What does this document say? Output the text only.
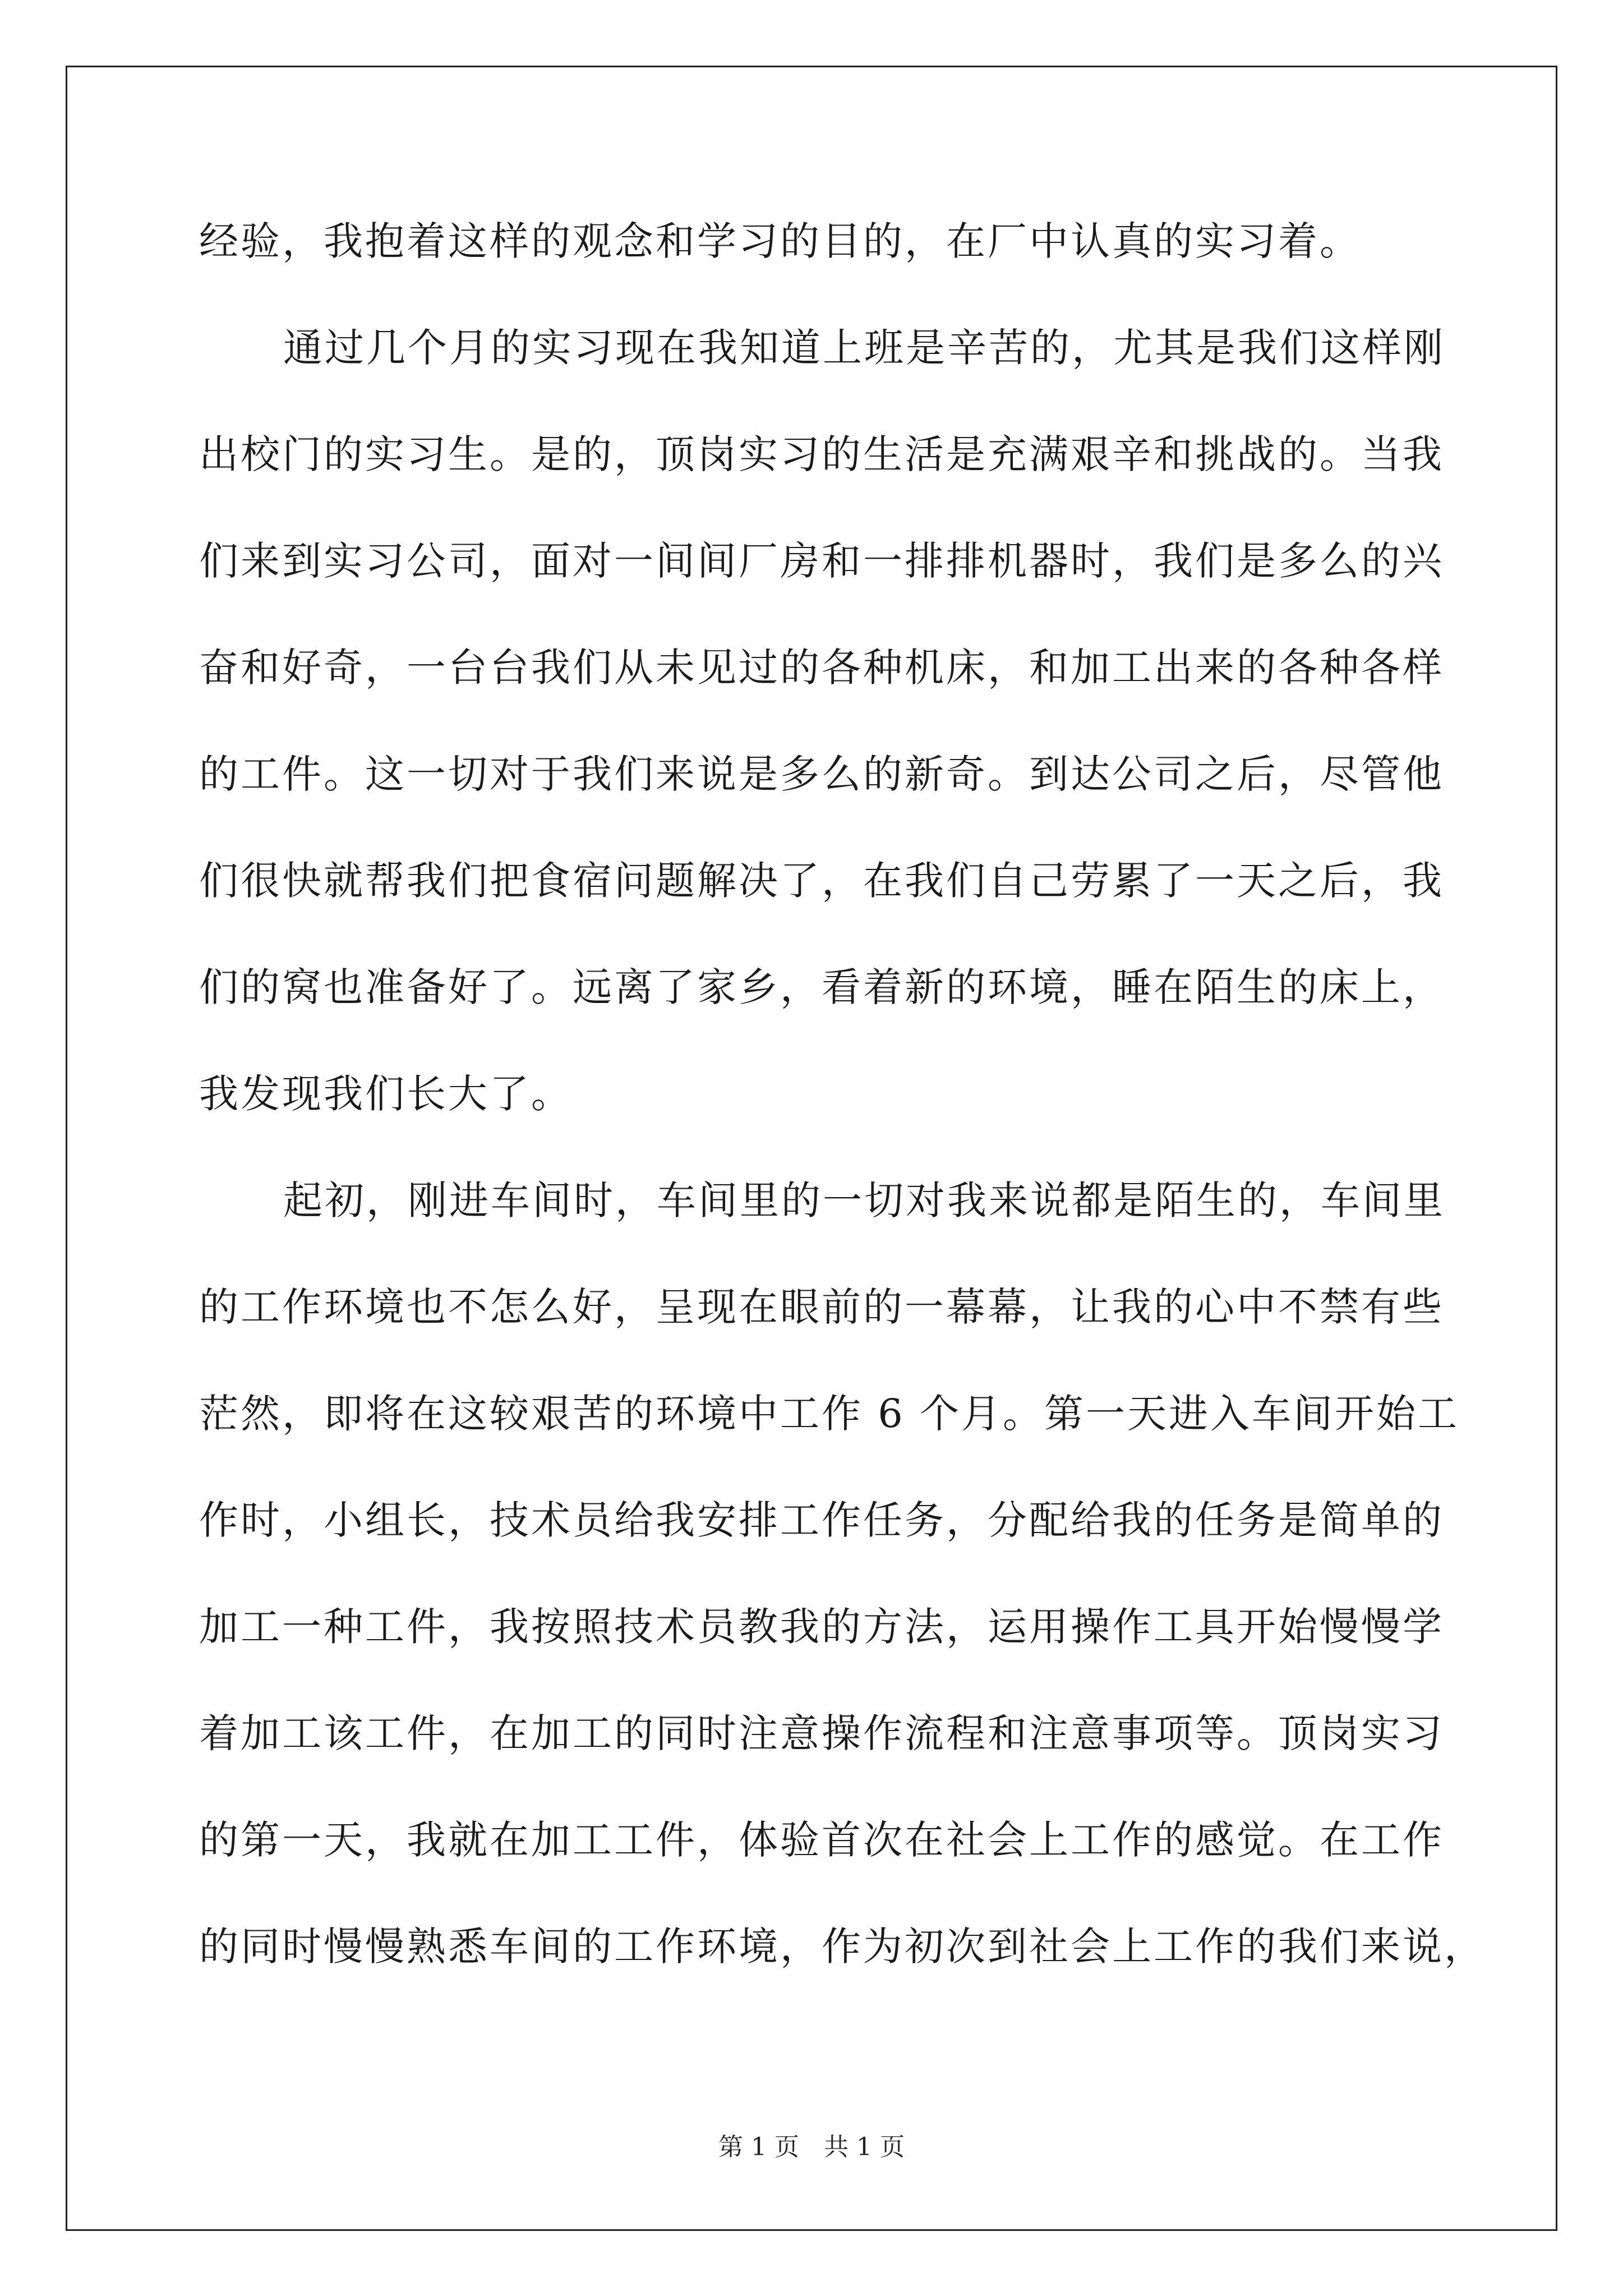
经验，我抱着这样的观念和学习的目的，在厂中认真的实习着。
通过几个月的实习现在我知道上班是辛苦的，尤其是我们这样刚
出校门的实习生。是的，顶岗实习的生活是充满艰辛和挑战的。当我
们来到实习公司，面对一间间厂房和一排排机器时，我们是多么的兴
奋和好奇，一台台我们从未见过的各种机床，和加工出来的各种各样
的工件。这一切对于我们来说是多么的新奇。到达公司之后，尽管他
们很快就帮我们把食宿问题解决了，在我们自己劳累了一天之后，我
们的窝也准备好了。远离了家乡，看着新的环境，睡在陌生的床上，
我发现我们长大了。
起初，刚进车间时，车间里的一切对我来说都是陌生的，车间里
的工作环境也不怎么好，呈现在眼前的一幕幕，让我的心中不禁有些
茫然，即将在这较艰苦的环境中工作 6 个月。第一天进入车间开始工
作时，小组长，技术员给我安排工作任务，分配给我的任务是简单的
加工一种工件，我按照技术员教我的方法，运用操作工具开始慢慢学
着加工该工件，在加工的同时注意操作流程和注意事项等。顶岗实习
的第一天，我就在加工工件，体验首次在社会上工作的感觉。在工作
的同时慢慢熟悉车间的工作环境，作为初次到社会上工作的我们来说，
第 1 页　共 1 页
